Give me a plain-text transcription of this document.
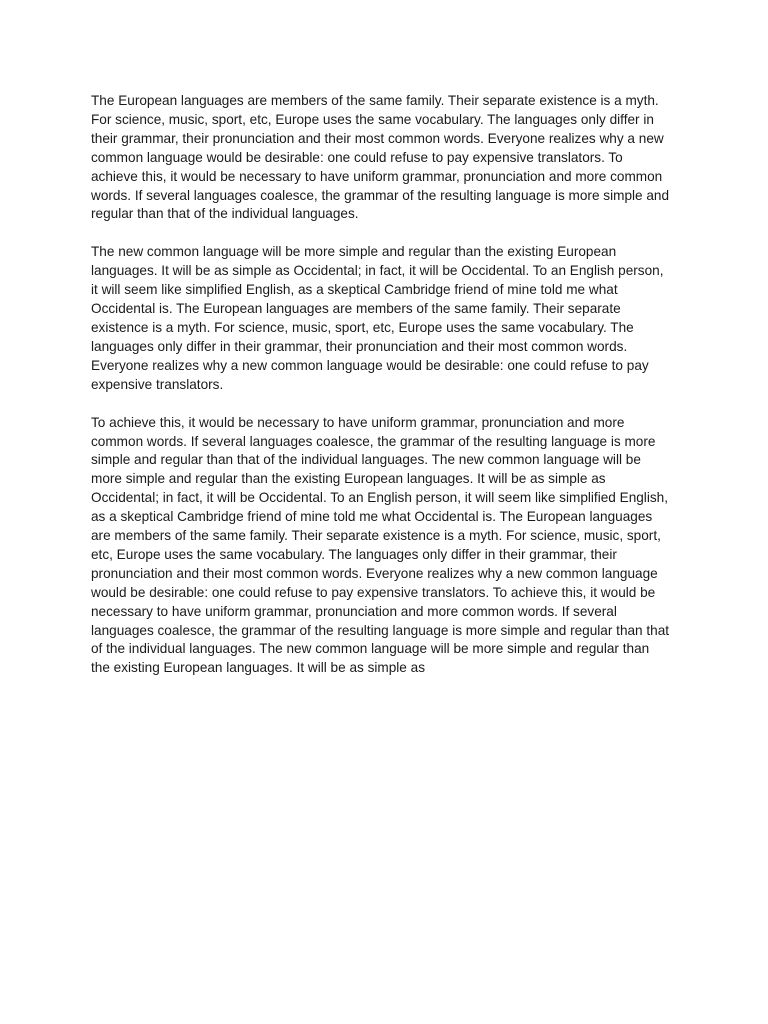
The European languages are members of the same family. Their separate existence is a myth.
For science, music, sport, etc, Europe uses the same vocabulary. The languages only differ in
their grammar, their pronunciation and their most common words. Everyone realizes why a new
common language would be desirable: one could refuse to pay expensive translators. To
achieve this, it would be necessary to have uniform grammar, pronunciation and more common
words. If several languages coalesce, the grammar of the resulting language is more simple and
regular than that of the individual languages.

The new common language will be more simple and regular than the existing European
languages. It will be as simple as Occidental; in fact, it will be Occidental. To an English person,
it will seem like simplified English, as a skeptical Cambridge friend of mine told me what
Occidental is. The European languages are members of the same family. Their separate
existence is a myth. For science, music, sport, etc, Europe uses the same vocabulary. The
languages only differ in their grammar, their pronunciation and their most common words.
Everyone realizes why a new common language would be desirable: one could refuse to pay
expensive translators.

To achieve this, it would be necessary to have uniform grammar, pronunciation and more
common words. If several languages coalesce, the grammar of the resulting language is more
simple and regular than that of the individual languages. The new common language will be
more simple and regular than the existing European languages. It will be as simple as
Occidental; in fact, it will be Occidental. To an English person, it will seem like simplified English,
as a skeptical Cambridge friend of mine told me what Occidental is. The European languages
are members of the same family. Their separate existence is a myth. For science, music, sport,
etc, Europe uses the same vocabulary. The languages only differ in their grammar, their
pronunciation and their most common words. Everyone realizes why a new common language
would be desirable: one could refuse to pay expensive translators. To achieve this, it would be
necessary to have uniform grammar, pronunciation and more common words. If several
languages coalesce, the grammar of the resulting language is more simple and regular than that
of the individual languages. The new common language will be more simple and regular than
the existing European languages. It will be as simple as
